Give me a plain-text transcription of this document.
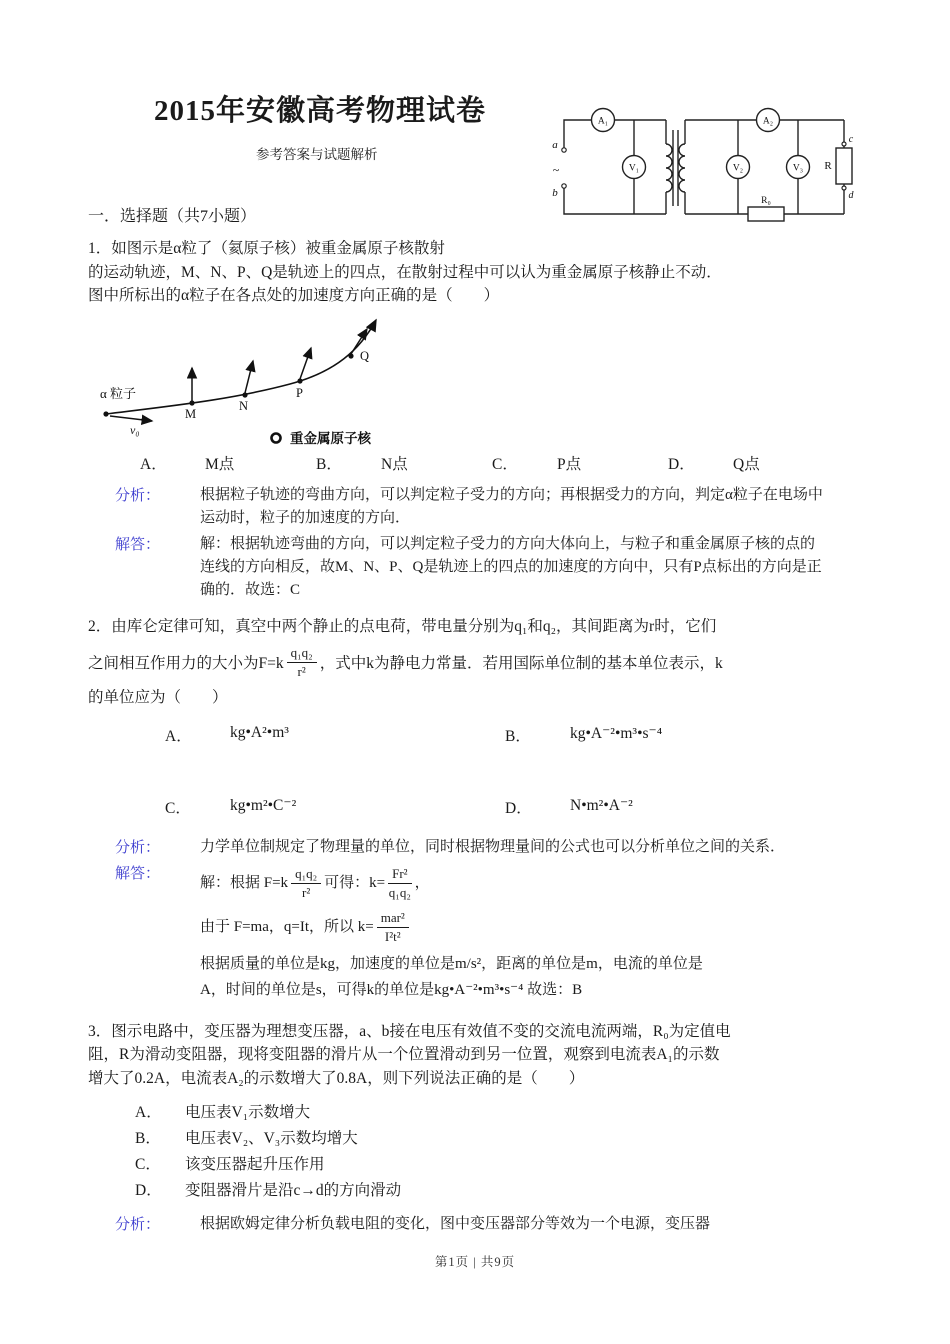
A₁	A₂
V₁	V₂	V₃
R₀
R
a
b
~
c
d
2015年安徽高考物理试卷
参考答案与试题解析
一．选择题（共7小题）
1．如图示是α粒了（氦原子核）被重金属原子核散射
的运动轨迹，M、N、P、Q是轨迹上的四点，在散射过程中可以认为重金属原子核静止不动．
图中所标出的α粒子在各点处的加速度方向正确的是（　　）
α 粒子
v₀
M
N
P
Q
重金属原子核
A．	M点	B．	N点	C．	P点	D．	Q点
分析：	根据粒子轨迹的弯曲方向，可以判定粒子受力的方向；再根据受力的方向，判定α粒子在电场中运动时，粒子的加速度的方向．
解答：	解：根据轨迹弯曲的方向，可以判定粒子受力的方向大体向上，与粒子和重金属原子核的点的连线的方向相反，故M、N、P、Q是轨迹上的四点的加速度的方向中，只有P点标出的方向是正确的．故选：C
2．由库仑定律可知，真空中两个静止的点电荷，带电量分别为q₁和q₂，其间距离为r时，它们
之间相互作用力的大小为$F=k \frac{\text{q₁q₂}}{\text{r²}}$ ，式中k为静电力常量．若用国际单位制的基本单位表示，k
的单位应为（　　）
A．	kg•A²•m³	B．	kg•A⁻²•m³•s⁻⁴
C．	kg•m²•C⁻²	D．	N•m²•A⁻²
分析：	力学单位制规定了物理量的单位，同时根据物理量间的公式也可以分析单位之间的关系．
解答：
解：根据 $F=k \frac{\text{q₁q₂}}{\text{r²}}$ 可得：$k= \frac{\text{Fr²}}{\text{q₁q₂}}$ ，
由于 F=ma，q=It，所以 $k= \frac{\text{mar²}}{\text{I²t²}}$
根据质量的单位是kg，加速度的单位是m/s²，距离的单位是m，电流的单位是
A，时间的单位是s，可得k的单位是kg•A⁻²•m³•s⁻⁴ 故选：B
3．图示电路中，变压器为理想变压器，a、b接在电压有效值不变的交流电流两端，R₀为定值电
阻，R为滑动变阻器，现将变阻器的滑片从一个位置滑动到另一位置，观察到电流表A₁的示数
增大了0.2A，电流表A₂的示数增大了0.8A，则下列说法正确的是（　　）
A．	电压表V₁示数增大
B．	电压表V₂、V₃示数均增大
C．	该变压器起升压作用
D．	变阻器滑片是沿c→d的方向滑动
分析：	根据欧姆定律分析负载电阻的变化，图中变压器部分等效为一个电源，变压器
第1页 | 共9页
